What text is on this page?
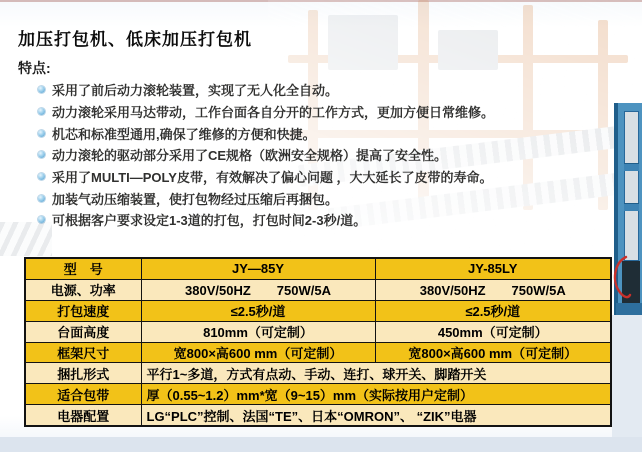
加压打包机、低床加压打包机
特点:
采用了前后动力滚轮装置，实现了无人化全自动。
动力滚轮采用马达带动，工作台面各自分开的工作方式，更加方便日常维修。
机芯和标准型通用,确保了维修的方便和快捷。
动力滚轮的驱动部分采用了CE规格（欧洲安全规格）提高了安全性。
采用了MULTI—POLY皮带，有效解决了偏心问题 ，大大延长了皮带的寿命。
加装气动压缩装置，使打包物经过压缩后再捆包。
可根据客户要求设定1-3道的打包，打包时间2-3秒/道。
型　号	JY—85Y	JY-85LY
电源、功率	380V/50HZ　　750W/5A	380V/50HZ　　750W/5A
打包速度	≤2.5秒/道	≤2.5秒/道
台面高度	810mm（可定制）	450mm（可定制）
框架尺寸	宽800×高600 mm（可定制）	宽800×高600 mm（可定制）
捆扎形式	平行1~多道，方式有点动、手动、连打、球开关、脚踏开关	
适合包带	厚（0.55~1.2）mm*宽（9~15）mm（实际按用户定制）	
电器配置	LG“PLC”控制、法国“TE”、日本“OMRON”、 “ZIK”电器	
